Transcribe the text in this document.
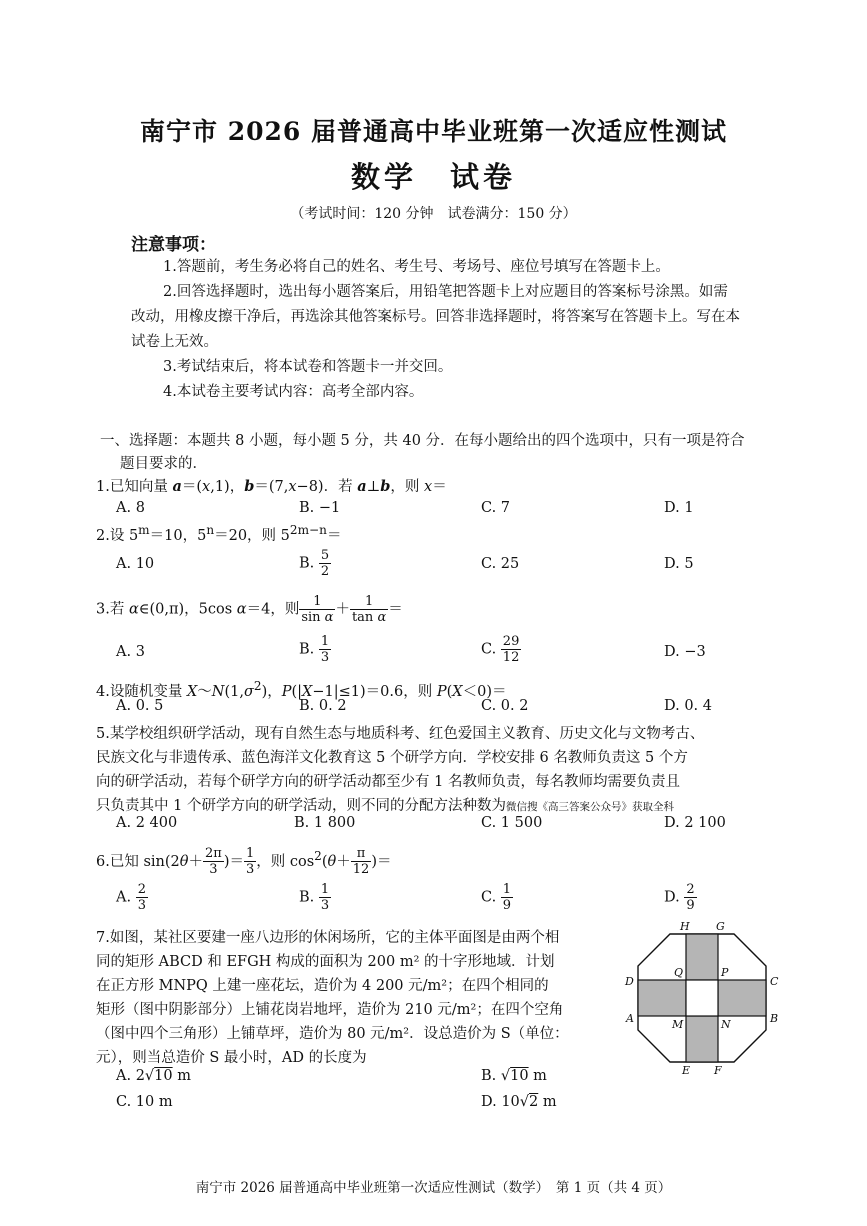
南宁市 2026 届普通高中毕业班第一次适应性测试
数学　试卷
（考试时间：120 分钟　试卷满分：150 分）
注意事项：

1.答题前，考生务必将自己的姓名、考生号、考场号、座位号填写在答题卡上。

2.回答选择题时，选出每小题答案后，用铅笔把答题卡上对应题目的答案标号涂黑。如需改动，用橡皮擦干净后，再选涂其他答案标号。回答非选择题时，将答案写在答题卡上。写在本试卷上无效。

3.考试结束后，将本试卷和答题卡一并交回。

4.本试卷主要考试内容：高考全部内容。

一、选择题：本题共 8 小题，每小题 5 分，共 40 分．在每小题给出的四个选项中，只有一项是符合
题目要求的．

1.已知向量 a＝(x,1)，b＝(7,x−8)．若 a⊥b，则 x＝

A. 8	B. −1	C. 7	D. 1

2.设 $5^m=10$，$5^n=20$，则 $5^{2m-n}=$

A. 10	B. $\frac{5}{2}$	C. 25	D. 5

3.若 α∈(0,π)，5cos α＝4，则 $\frac{1}{\text{sin α}} + \frac{1}{\text{tan α}}$ ＝

A. 3	B. $\frac{1}{3}$	C. $\frac{29}{12}$	D. −3

4.设随机变量 $X\sim N(1,\sigma^2)$，P(|X−1|≤1)＝0.6，则 P(X＜0)＝

A. 0. 5	B. 0. 2	C. 0. 2	D. 0. 4
5.某学校组织研学活动，现有自然生态与地质科考、红色爱国主义教育、历史文化与文物考古、
民族文化与非遗传承、蓝色海洋文化教育这 5 个研学方向．学校安排 6 名教师负责这 5 个方
向的研学活动，若每个研学方向的研学活动都至少有 1 名教师负责，每名教师均需要负责且
只负责其中 1 个研学方向的研学活动，则不同的分配方法种数为微信搜《高三答案公众号》获取全科
A. 2 400	B. 1 800	C. 1 500	D. 2 100

6.已知 $\sin(2\theta+ \frac{2\pi}{3}$ )＝ $\frac{1}{3}$ ，则 $\cos^2(\theta+ \frac{\pi}{12}$ )＝

A. $\frac{2}{3}$	B. $\frac{1}{3}$	C. $\frac{1}{9}$	D. $\frac{2}{9}$
7.如图，某社区要建一座八边形的休闲场所，它的主体平面图是由两个相
同的矩形 ABCD 和 EFGH 构成的面积为 200 m² 的十字形地域．计划
在正方形 MNPQ 上建一座花坛，造价为 4 200 元/m²；在四个相同的
矩形（图中阴影部分）上铺花岗岩地坪，造价为 210 元/m²；在四个空角
（图中四个三角形）上铺草坪，造价为 80 元/m²．设总造价为 S（单位：
元），则当总造价 S 最小时，AD 的长度为
H G
Q	P
D	C
A	B
M	N
E F
A. 2√10 m	B. √10 m
C. 10 m	D. 10√2 m
南宁市 2026 届普通高中毕业班第一次适应性测试（数学）　第 1 页（共 4 页）
